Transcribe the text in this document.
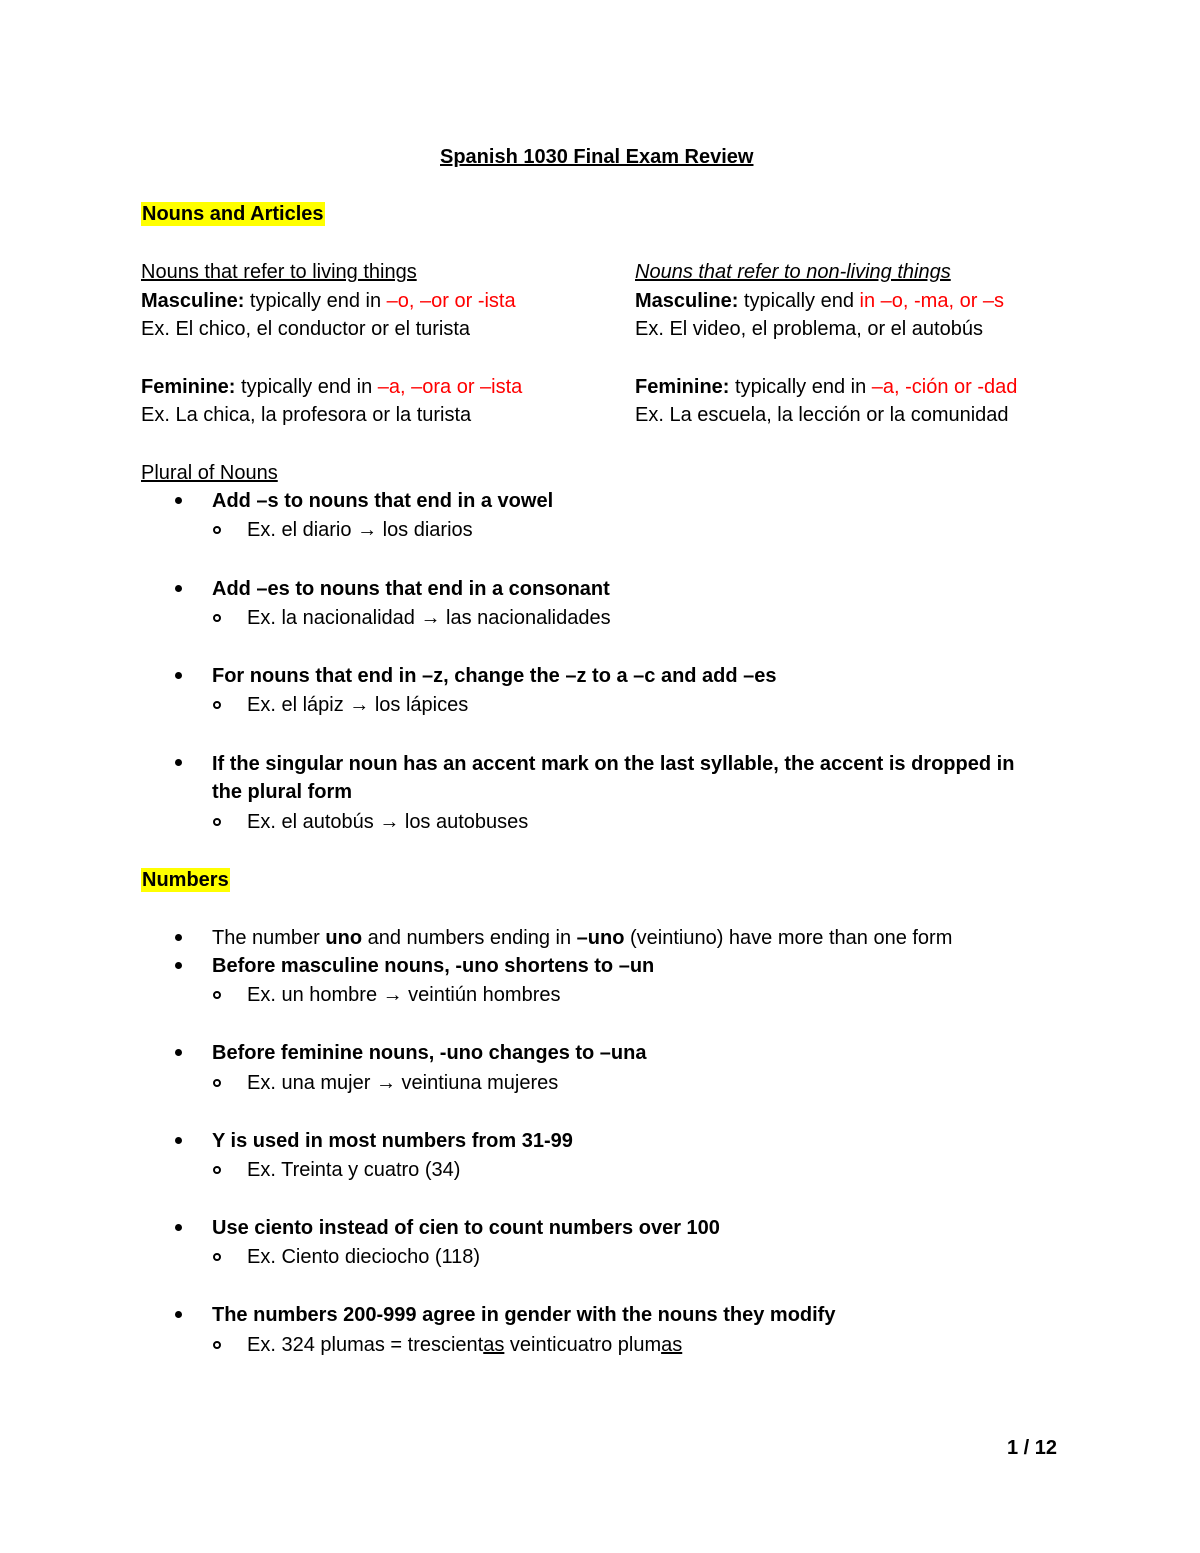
Spanish 1030 Final Exam Review
Nouns and Articles
Nouns that refer to living things
Masculine: typically end in –o, –or or -ista
Ex. El chico, el conductor or el turista
Feminine: typically end in –a, –ora or –ista
Ex. La chica, la profesora or la turista
Nouns that refer to non-living things
Masculine: typically end in –o, -ma, or –s
Ex. El video, el problema, or el autobús
Feminine: typically end in –a, -ción or -dad
Ex. La escuela, la lección or la comunidad
Plural of Nouns
Add –s to nouns that end in a vowel
Ex. el diario → los diarios
Add –es to nouns that end in a consonant
Ex. la nacionalidad → las nacionalidades
For nouns that end in –z, change the –z to a –c and add –es
Ex. el lápiz → los lápices
If the singular noun has an accent mark on the last syllable, the accent is dropped in
the plural form
Ex. el autobús → los autobuses
Numbers
The number uno and numbers ending in –uno (veintiuno) have more than one form
Before masculine nouns, -uno shortens to –un
Ex. un hombre → veintiún hombres
Before feminine nouns, -uno changes to –una
Ex. una mujer → veintiuna mujeres
Y is used in most numbers from 31-99
Ex. Treinta y cuatro (34)
Use ciento instead of cien to count numbers over 100
Ex. Ciento dieciocho (118)
The numbers 200-999 agree in gender with the nouns they modify
Ex. 324 plumas = trescientas veinticuatro plumas
1 / 12
